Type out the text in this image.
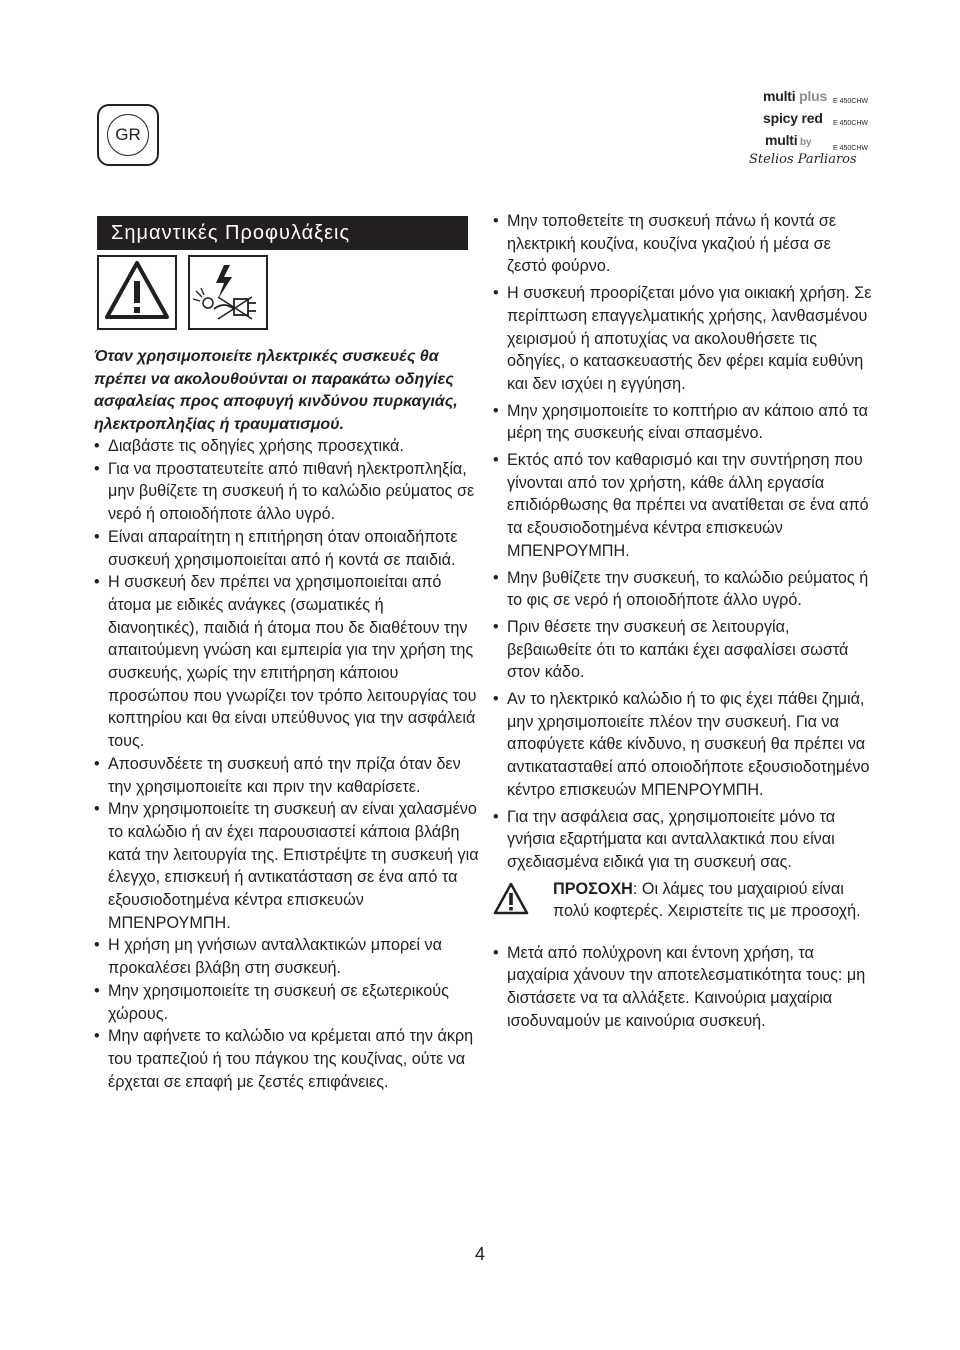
GR
multi plus E 450CHW
spicy red E 450CHW
multi by
Stelios Parliaros
E 450CHW
Σημαντικές Προφυλάξεις
Όταν χρησιμοποιείτε ηλεκτρικές συσκευές θα πρέπει να ακολουθούνται οι παρακάτω οδηγίες ασφαλείας προς αποφυγή κινδύνου πυρκαγιάς, ηλεκτροπληξίας ή τραυματισμού.
• Διαβάστε τις οδηγίες χρήσης προσεχτικά.
• Για να προστατευτείτε από πιθανή ηλεκτροπληξία, μην βυθίζετε τη συσκευή ή το καλώδιο ρεύματος σε νερό ή οποιοδήποτε άλλο υγρό.
• Είναι απαραίτητη η επιτήρηση όταν οποιαδήποτε συσκευή χρησιμοποιείται από ή κοντά σε παιδιά.
• Η συσκευή δεν πρέπει να χρησιμοποιείται από άτομα με ειδικές ανάγκες (σωματικές ή διανοητικές), παιδιά ή άτομα που δε διαθέτουν την απαιτούμενη γνώση και εμπειρία για την χρήση της συσκευής, χωρίς την επιτήρηση κάποιου προσώπου που γνωρίζει τον τρόπο λειτουργίας του κοπτηρίου και θα είναι υπεύθυνος για την ασφάλειά τους.
• Αποσυνδέετε τη συσκευή από την πρίζα όταν δεν την χρησιμοποιείτε και πριν την καθαρίσετε.
• Μην χρησιμοποιείτε τη συσκευή αν είναι χαλασμένο το καλώδιο ή αν έχει παρουσιαστεί κάποια βλάβη κατά την λειτουργία της. Επιστρέψτε τη συσκευή για έλεγχο, επισκευή ή αντικατάσταση σε ένα από τα εξουσιοδοτημένα κέντρα επισκευών ΜΠΕΝΡΟΥΜΠΗ.
• Η χρήση μη γνήσιων ανταλλακτικών μπορεί να προκαλέσει βλάβη στη συσκευή.
• Μην χρησιμοποιείτε τη συσκευή σε εξωτερικούς χώρους.
• Μην αφήνετε το καλώδιο να κρέμεται από την άκρη του τραπεζιού ή του πάγκου της κουζίνας, ούτε να έρχεται σε επαφή με ζεστές επιφάνειες.
• Μην τοποθετείτε τη συσκευή πάνω ή κοντά σε ηλεκτρική κουζίνα, κουζίνα γκαζιού ή μέσα σε ζεστό φούρνο.
• Η συσκευή προορίζεται μόνο για οικιακή χρήση. Σε περίπτωση επαγγελματικής χρήσης, λανθασμένου χειρισμού ή αποτυχίας να ακολουθήσετε τις οδηγίες, ο κατασκευαστής δεν φέρει καμία ευθύνη και δεν ισχύει η εγγύηση.
• Μην χρησιμοποιείτε το κοπτήριο αν κάποιο από τα μέρη της συσκευής είναι σπασμένο.
• Εκτός από τον καθαρισμό και την συντήρηση που γίνονται από τον χρήστη, κάθε άλλη εργασία επιδιόρθωσης θα πρέπει να ανατίθεται σε ένα από τα εξουσιοδοτημένα κέντρα επισκευών ΜΠΕΝΡΟΥΜΠΗ.
• Μην βυθίζετε την συσκευή, το καλώδιο ρεύματος ή το φις σε νερό ή οποιοδήποτε άλλο υγρό.
• Πριν θέσετε την συσκευή σε λειτουργία, βεβαιωθείτε ότι το καπάκι έχει ασφαλίσει σωστά στον κάδο.
• Αν το ηλεκτρικό καλώδιο ή το φις έχει πάθει ζημιά, μην χρησιμοποιείτε πλέον την συσκευή. Για να αποφύγετε κάθε κίνδυνο, η συσκευή θα πρέπει να αντικατασταθεί από οποιοδήποτε εξουσιοδοτημένο κέντρο επισκευών ΜΠΕΝΡΟΥΜΠΗ.
• Για την ασφάλεια σας, χρησιμοποιείτε μόνο τα γνήσια εξαρτήματα και ανταλλακτικά που είναι σχεδιασμένα ειδικά για τη συσκευή σας.
ΠΡΟΣΟΧΗ: Οι λάμες του μαχαιριού είναι πολύ κοφτερές. Χειριστείτε τις με προσοχή.
• Μετά από πολύχρονη και έντονη χρήση, τα μαχαίρια χάνουν την αποτελεσματικότητα τους: μη διστάσετε να τα αλλάξετε. Καινούρια μαχαίρια ισοδυναμούν με καινούρια συσκευή.
4
